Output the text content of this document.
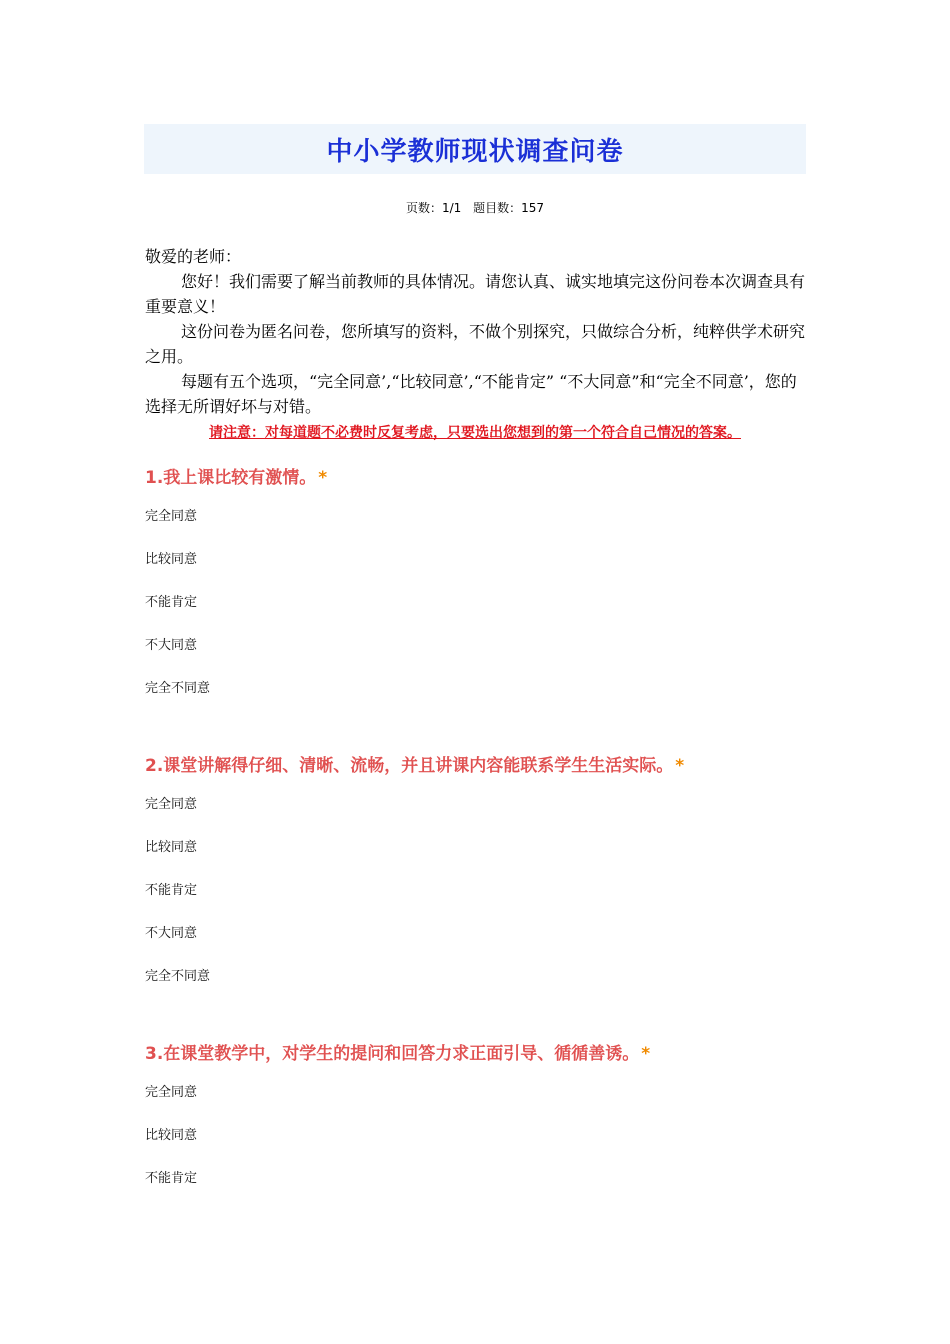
中小学教师现状调查问卷
页数：1/1 题目数：157

敬爱的老师：

您好！我们需要了解当前教师的具体情况。请您认真、诚实地填完这份问卷本次调查具有重要意义！

这份问卷为匿名问卷，您所填写的资料，不做个别探究，只做综合分析，纯粹供学术研究之用。

每题有五个选项，“完全同意’,“比较同意’,“不能肯定” “不大同意”和“完全不同意’，您的选择无所谓好坏与对错。

请注意：对每道题不必费时反复考虑，只要选出您想到的第一个符合自己情况的答案。
1.我上课比较有激情。 *
完全同意
比较同意
不能肯定
不大同意
完全不同意
2.课堂讲解得仔细、清晰、流畅，并且讲课内容能联系学生生活实际。 *
完全同意
比较同意
不能肯定
不大同意
完全不同意
3.在课堂教学中，对学生的提问和回答力求正面引导、循循善诱。 *
完全同意
比较同意
不能肯定
